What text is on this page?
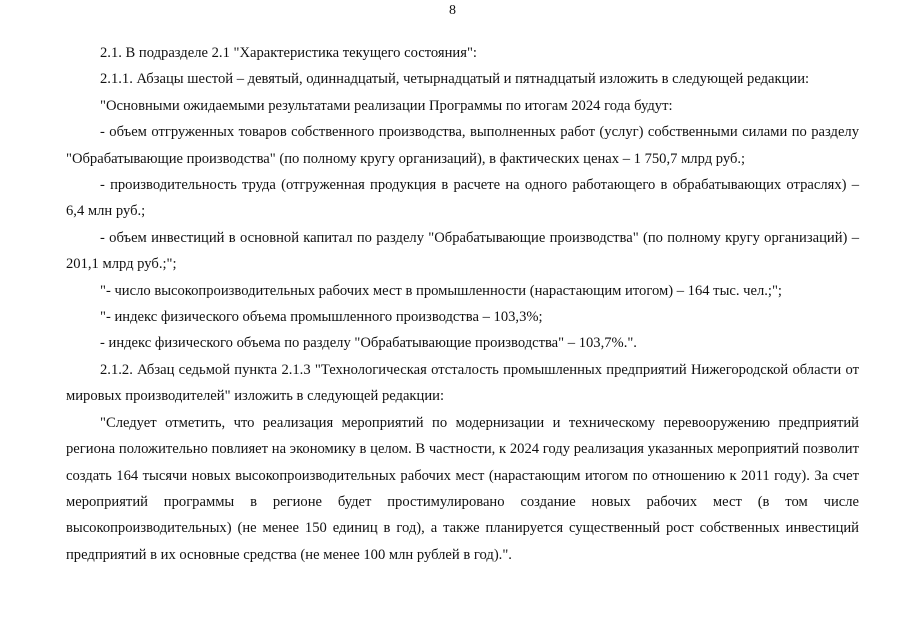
8

2.1. В подразделе 2.1 "Характеристика текущего состояния":

2.1.1. Абзацы шестой – девятый, одиннадцатый, четырнадцатый и пятнадцатый изложить в следующей редакции:

"Основными ожидаемыми результатами реализации Программы по итогам 2024 года будут:

- объем отгруженных товаров собственного производства, выполненных работ (услуг) собственными силами по разделу "Обрабатывающие производства" (по полному кругу организаций), в фактических ценах – 1 750,7 млрд руб.;

- производительность труда (отгруженная продукция в расчете на одного работающего в обрабатывающих отраслях) – 6,4 млн руб.;

- объем инвестиций в основной капитал по разделу "Обрабатывающие производства" (по полному кругу организаций) – 201,1 млрд руб.;";

"- число высокопроизводительных рабочих мест в промышленности (нарастающим итогом) – 164 тыс. чел.;";

"- индекс физического объема промышленного производства – 103,3%;

- индекс физического объема по разделу "Обрабатывающие производства" – 103,7%.".

2.1.2. Абзац седьмой пункта 2.1.3 "Технологическая отсталость промышленных предприятий Нижегородской области от мировых производителей" изложить в следующей редакции:

"Следует отметить, что реализация мероприятий по модернизации и техническому перевооружению предприятий региона положительно повлияет на экономику в целом. В частности, к 2024 году реализация указанных мероприятий позволит создать 164 тысячи новых высокопроизводительных рабочих мест (нарастающим итогом по отношению к 2011 году). За счет мероприятий программы в регионе будет простимулировано создание новых рабочих мест (в том числе высокопроизводительных) (не менее 150 единиц в год), а также планируется существенный рост собственных инвестиций предприятий в их основные средства (не менее 100 млн рублей в год).".
